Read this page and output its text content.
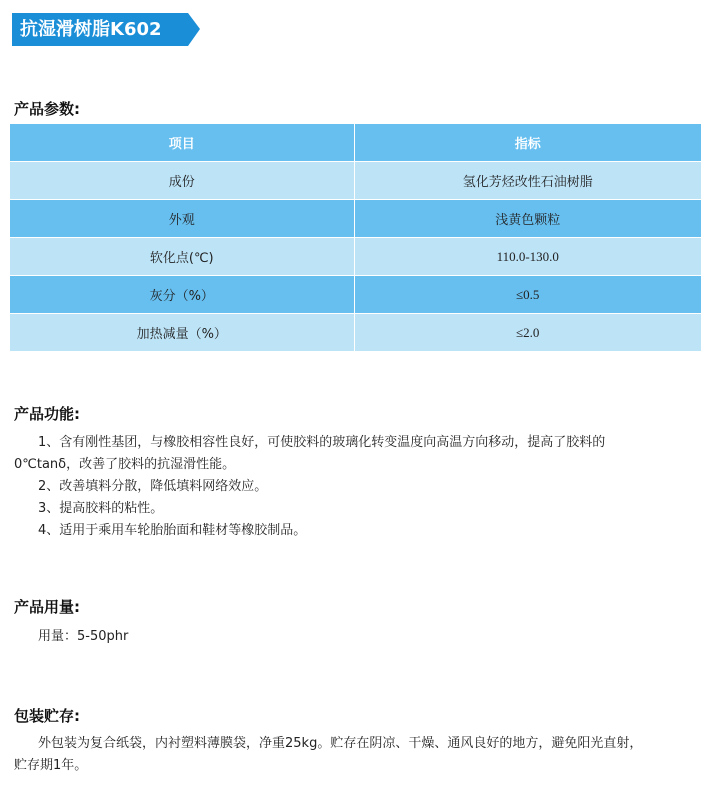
抗湿滑树脂K602
产品参数:
项目	指标
成份	氢化芳烃改性石油树脂
外观	浅黄色颗粒
软化点(℃)	110.0-130.0
灰分（%）	≤0.5
加热减量（%）	≤2.0
产品功能:
1、含有刚性基团，与橡胶相容性良好，可使胶料的玻璃化转变温度向高温方向移动，提高了胶料的
0℃tanδ，改善了胶料的抗湿滑性能。
2、改善填料分散，降低填料网络效应。
3、提高胶料的粘性。
4、适用于乘用车轮胎胎面和鞋材等橡胶制品。
产品用量:
用量：5-50phr
包装贮存:
外包装为复合纸袋，内衬塑料薄膜袋，净重25kg。贮存在阴凉、干燥、通风良好的地方，避免阳光直射，
贮存期1年。
